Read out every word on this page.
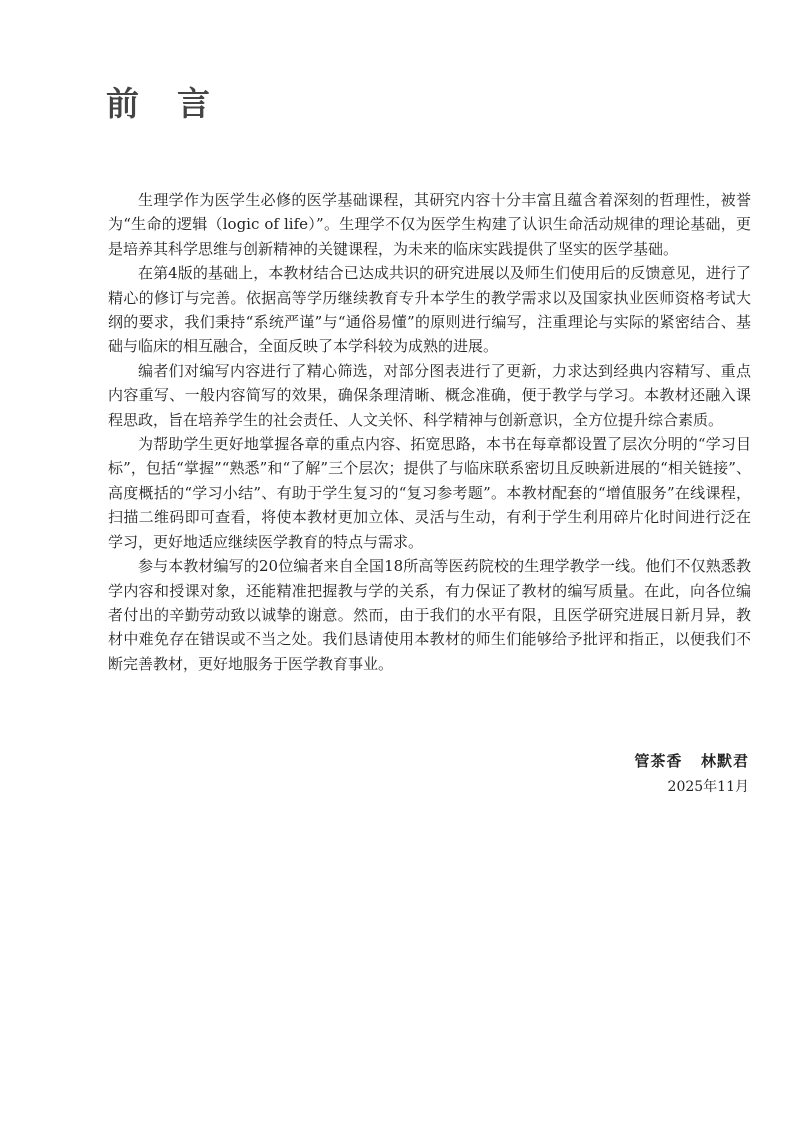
前言

生理学作为医学生必修的医学基础课程，其研究内容十分丰富且蕴含着深刻的哲理性，被誉为“生命的逻辑（logic of life）”。生理学不仅为医学生构建了认识生命活动规律的理论基础，更是培养其科学思维与创新精神的关键课程，为未来的临床实践提供了坚实的医学基础。

在第4版的基础上，本教材结合已达成共识的研究进展以及师生们使用后的反馈意见，进行了精心的修订与完善。依据高等学历继续教育专升本学生的教学需求以及国家执业医师资格考试大纲的要求，我们秉持“系统严谨”与“通俗易懂”的原则进行编写，注重理论与实际的紧密结合、基础与临床的相互融合，全面反映了本学科较为成熟的进展。

编者们对编写内容进行了精心筛选，对部分图表进行了更新，力求达到经典内容精写、重点内容重写、一般内容简写的效果，确保条理清晰、概念准确，便于教学与学习。本教材还融入课程思政，旨在培养学生的社会责任、人文关怀、科学精神与创新意识，全方位提升综合素质。

为帮助学生更好地掌握各章的重点内容、拓宽思路，本书在每章都设置了层次分明的“学习目标”，包括“掌握”“熟悉”和“了解”三个层次；提供了与临床联系密切且反映新进展的“相关链接”、高度概括的“学习小结”、有助于学生复习的“复习参考题”。本教材配套的“增值服务”在线课程，扫描二维码即可查看，将使本教材更加立体、灵活与生动，有利于学生利用碎片化时间进行泛在学习，更好地适应继续医学教育的特点与需求。

参与本教材编写的20位编者来自全国18所高等医药院校的生理学教学一线。他们不仅熟悉教学内容和授课对象，还能精准把握教与学的关系，有力保证了教材的编写质量。在此，向各位编者付出的辛勤劳动致以诚挚的谢意。然而，由于我们的水平有限，且医学研究进展日新月异，教材中难免存在错误或不当之处。我们恳请使用本教材的师生们能够给予批评和指正，以便我们不断完善教材，更好地服务于医学教育事业。

管茶香   林默君
2025年11月
